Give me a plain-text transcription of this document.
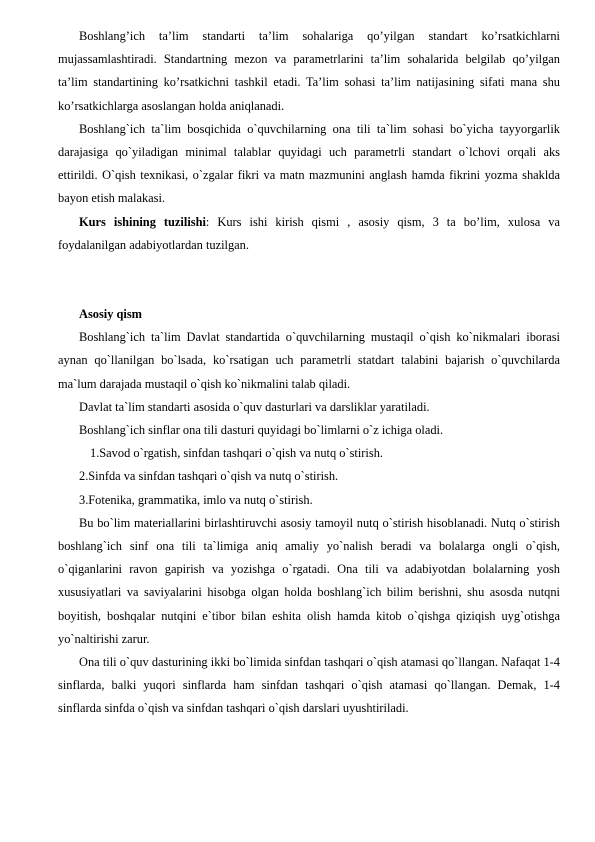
Boshlang’ich ta’lim standarti ta’lim sohalariga qo’yilgan standart ko’rsatkichlarni mujassamlashtiradi. Standartning mezon va parametrlarini ta’lim sohalarida belgilab qo’yilgan ta’lim standartining ko’rsatkichni tashkil etadi. Ta’lim sohasi ta’lim natijasining sifati mana shu ko’rsatkichlarga asoslangan holda aniqlanadi.

Boshlang`ich ta`lim bosqichida o`quvchilarning ona tili ta`lim sohasi bo`yicha tayyorgarlik darajasiga qo`yiladigan minimal talablar quyidagi uch parametrli standart o`lchovi orqali aks ettirildi. O`qish texnikasi, o`zgalar fikri va matn mazmunini anglash hamda fikrini yozma shaklda bayon etish malakasi.

Kurs ishining tuzilishi: Kurs ishi kirish qismi , asosiy qism, 3 ta bo’lim, xulosa va foydalanilgan adabiyotlardan tuzilgan.

Asosiy qism

Boshlang`ich ta`lim Davlat standartida o`quvchilarning mustaqil o`qish ko`nikmalari iborasi aynan qo`llanilgan bo`lsada, ko`rsatigan uch parametrli statdart talabini bajarish o`quvchilarda ma`lum darajada mustaqil o`qish ko`nikmalini talab qiladi.

Davlat ta`lim standarti asosida o`quv dasturlari va darsliklar yaratiladi.

Boshlang`ich sinflar ona tili dasturi quyidagi bo`limlarni o`z ichiga oladi.

1.Savod o`rgatish, sinfdan tashqari o`qish va nutq o`stirish.

2.Sinfda va sinfdan tashqari o`qish va nutq o`stirish.

3.Fotenika, grammatika, imlo va nutq o`stirish.

Bu bo`lim materiallarini birlashtiruvchi asosiy tamoyil nutq o`stirish hisoblanadi. Nutq o`stirish boshlang`ich sinf ona tili ta`limiga aniq amaliy yo`nalish beradi va bolalarga ongli o`qish, o`qiganlarini ravon gapirish va yozishga o`rgatadi. Ona tili va adabiyotdan bolalarning yosh xususiyatlari va saviyalarini hisobga olgan holda boshlang`ich bilim berishni, shu asosda nutqni boyitish, boshqalar nutqini e`tibor bilan eshita olish hamda kitob o`qishga qiziqish uyg`otishga yo`naltirishi zarur.

Ona tili o`quv dasturining ikki bo`limida sinfdan tashqari o`qish atamasi qo`llangan. Nafaqat 1-4 sinflarda, balki yuqori sinflarda ham sinfdan tashqari o`qish atamasi qo`llangan. Demak, 1-4 sinflarda sinfda o`qish va sinfdan tashqari o`qish darslari uyushtiriladi.
